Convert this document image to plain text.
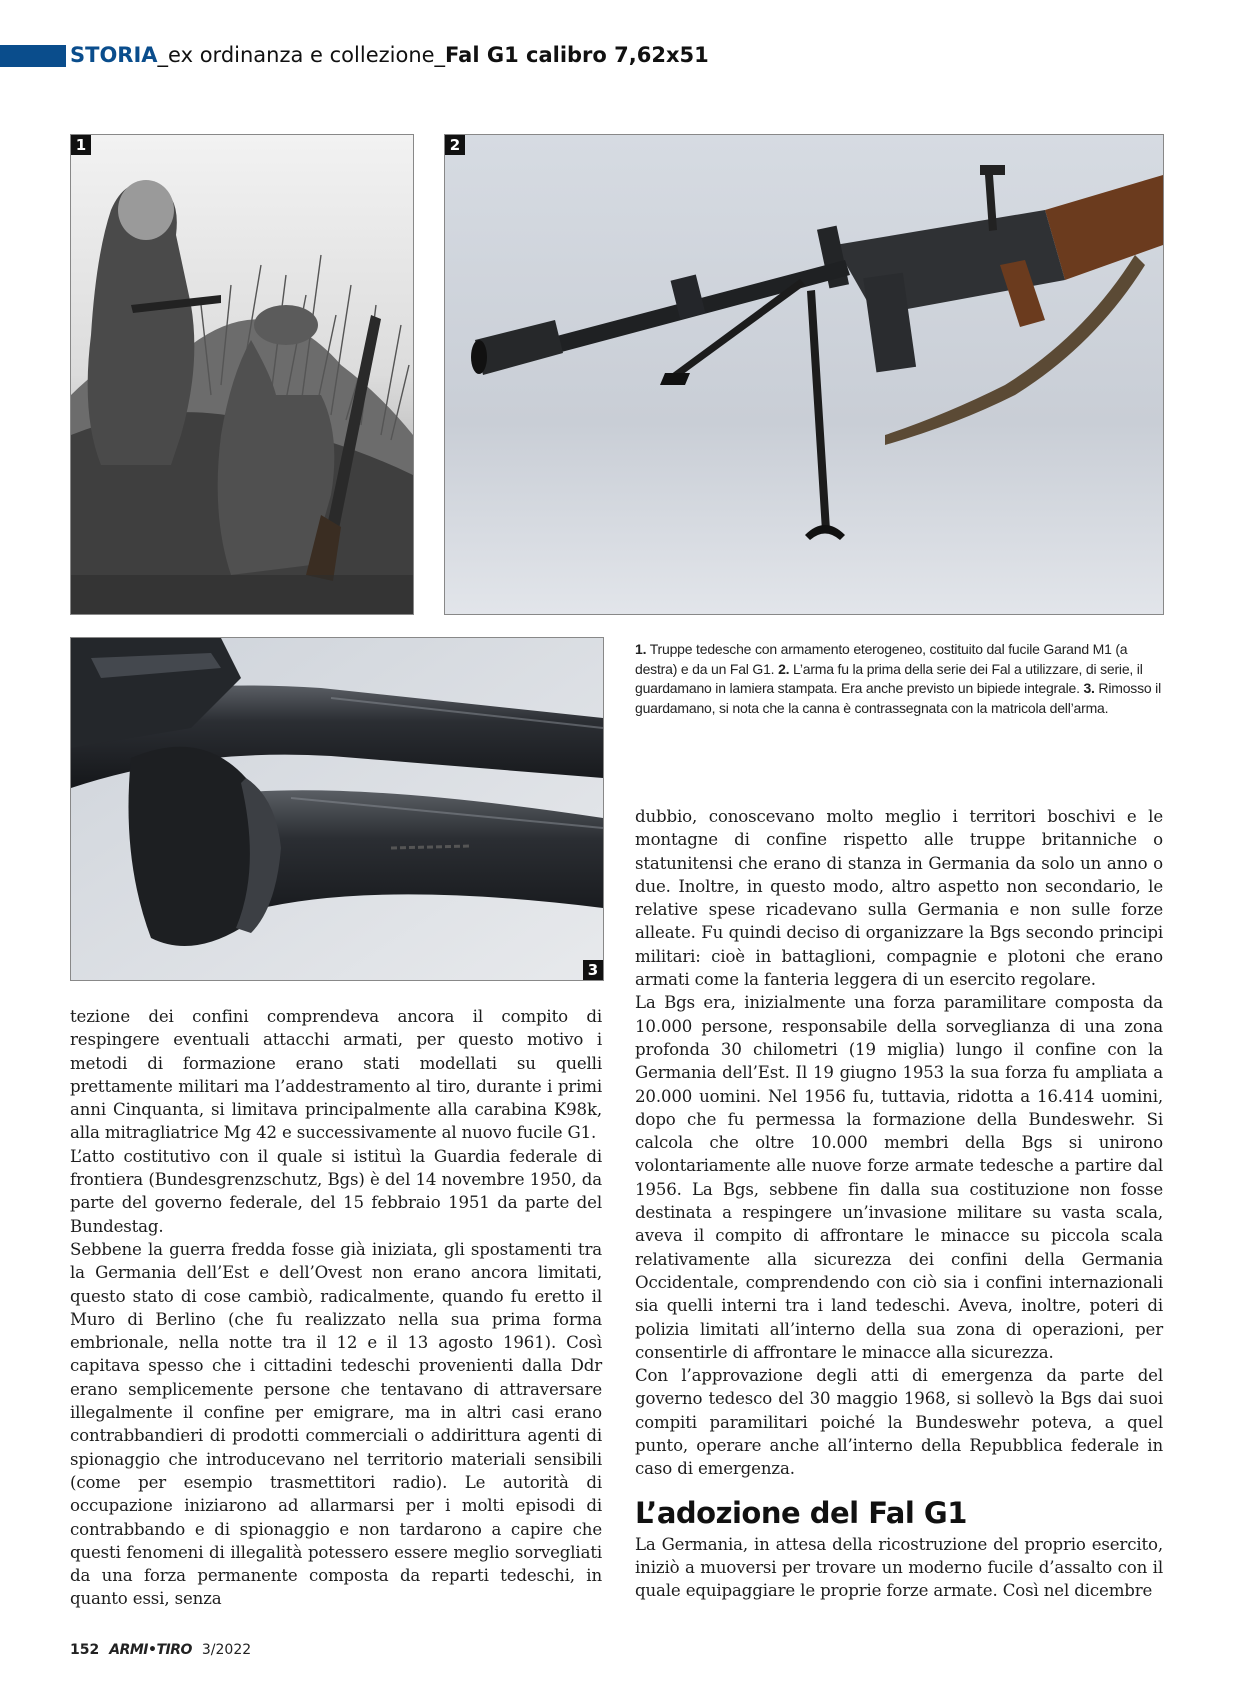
STORIA_ex ordinanza e collezione_Fal G1 calibro 7,62x51
1	2
3
1. Truppe tedesche con armamento eterogeneo, costituito dal fucile Garand M1 (a destra) e da un Fal G1. 2. L’arma fu la prima della serie dei Fal a utilizzare, di serie, il guardamano in lamiera stampata. Era anche previsto un bipiede integrale. 3. Rimosso il guardamano, si nota che la canna è contrassegnata con la matricola dell’arma.

tezione dei confini comprendeva ancora il compito di respingere eventuali attacchi armati, per questo motivo i metodi di formazione erano stati modellati su quelli prettamente militari ma l’addestramento al tiro, durante i primi anni Cinquanta, si limitava principalmente alla carabina K98k, alla mitragliatrice Mg 42 e successivamente al nuovo fucile G1.

L’atto costitutivo con il quale si istituì la Guardia federale di frontiera (Bundesgrenzschutz, Bgs) è del 14 novembre 1950, da parte del governo federale, del 15 febbraio 1951 da parte del Bundestag.

Sebbene la guerra fredda fosse già iniziata, gli spostamenti tra la Germania dell’Est e dell’Ovest non erano ancora limitati, questo stato di cose cambiò, radicalmente, quando fu eretto il Muro di Berlino (che fu realizzato nella sua prima forma embrionale, nella notte tra il 12 e il 13 agosto 1961). Così capitava spesso che i cittadini tedeschi provenienti dalla Ddr erano semplicemente persone che tentavano di attraversare illegalmente il confine per emigrare, ma in altri casi erano contrabbandieri di prodotti commerciali o addirittura agenti di spionaggio che introducevano nel territorio materiali sensibili (come per esempio trasmettitori radio). Le autorità di occupazione iniziarono ad allarmarsi per i molti episodi di contrabbando e di spionaggio e non tardarono a capire che questi fenomeni di illegalità potessero essere meglio sorvegliati da una forza permanente composta da reparti tedeschi, in quanto essi, senza

dubbio, conoscevano molto meglio i territori boschivi e le montagne di confine rispetto alle truppe britanniche o statunitensi che erano di stanza in Germania da solo un anno o due. Inoltre, in questo modo, altro aspetto non secondario, le relative spese ricadevano sulla Germania e non sulle forze alleate. Fu quindi deciso di organizzare la Bgs secondo principi militari: cioè in battaglioni, compagnie e plotoni che erano armati come la fanteria leggera di un esercito regolare.

La Bgs era, inizialmente una forza paramilitare composta da 10.000 persone, responsabile della sorveglianza di una zona profonda 30 chilometri (19 miglia) lungo il confine con la Germania dell’Est. Il 19 giugno 1953 la sua forza fu ampliata a 20.000 uomini. Nel 1956 fu, tuttavia, ridotta a 16.414 uomini, dopo che fu permessa la formazione della Bundeswehr. Si calcola che oltre 10.000 membri della Bgs si unirono volontariamente alle nuove forze armate tedesche a partire dal 1956. La Bgs, sebbene fin dalla sua costituzione non fosse destinata a respingere un’invasione militare su vasta scala, aveva il compito di affrontare le minacce su piccola scala relativamente alla sicurezza dei confini della Germania Occidentale, comprendendo con ciò sia i confini internazionali sia quelli interni tra i land tedeschi. Aveva, inoltre, poteri di polizia limitati all’interno della sua zona di operazioni, per consentirle di affrontare le minacce alla sicurezza.

Con l’approvazione degli atti di emergenza da parte del governo tedesco del 30 maggio 1968, si sollevò la Bgs dai suoi compiti paramilitari poiché la Bundeswehr poteva, a quel punto, operare anche all’interno della Repubblica federale in caso di emergenza.

L’adozione del Fal G1

La Germania, in attesa della ricostruzione del proprio esercito, iniziò a muoversi per trovare un moderno fucile d’assalto con il quale equipaggiare le proprie forze armate. Così nel dicembre

152 ARMI•TIRO 3/2022
